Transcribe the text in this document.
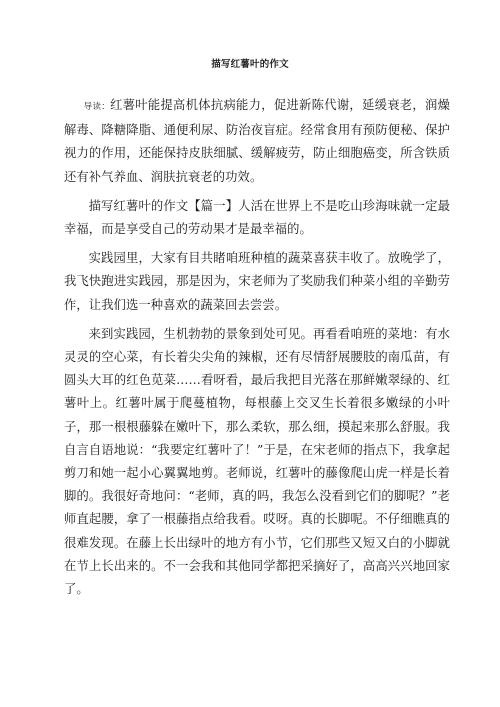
描写红薯叶的作文

导读：红薯叶能提高机体抗病能力，促进新陈代谢，延缓衰老，润燥解毒、降糖降脂、通便利尿、防治夜盲症。经常食用有预防便秘、保护视力的作用，还能保持皮肤细腻、缓解疲劳，防止细胞癌变，所含铁质还有补气养血、润肤抗衰老的功效。

描写红薯叶的作文【篇一】人活在世界上不是吃山珍海味就一定最幸福，而是享受自己的劳动果才是最幸福的。

实践园里，大家有目共睹咱班种植的蔬菜喜获丰收了。放晚学了，我飞快跑进实践园，那是因为，宋老师为了奖励我们种菜小组的辛勤劳作，让我们选一种喜欢的蔬菜回去尝尝。

来到实践园，生机勃勃的景象到处可见。再看看咱班的菜地：有水灵灵的空心菜，有长着尖尖角的辣椒，还有尽情舒展腰肢的南瓜苗，有圆头大耳的红色苋菜……看呀看，最后我把目光落在那鲜嫩翠绿的、红薯叶上。红薯叶属于爬蔓植物，每根藤上交叉生长着很多嫩绿的小叶子，那一根根藤躲在嫩叶下，那么柔软，那么细，摸起来那么舒服。我自言自语地说：“我要定红薯叶了！”于是，在宋老师的指点下，我拿起剪刀和她一起小心翼翼地剪。老师说，红薯叶的藤像爬山虎一样是长着脚的。我很好奇地问：“老师，真的吗，我怎么没看到它们的脚呢？”老师直起腰，拿了一根藤指点给我看。哎呀。真的长脚呢。不仔细瞧真的很难发现。在藤上长出绿叶的地方有小节，它们那些又短又白的小脚就在节上长出来的。不一会我和其他同学都把采摘好了，高高兴兴地回家了。
